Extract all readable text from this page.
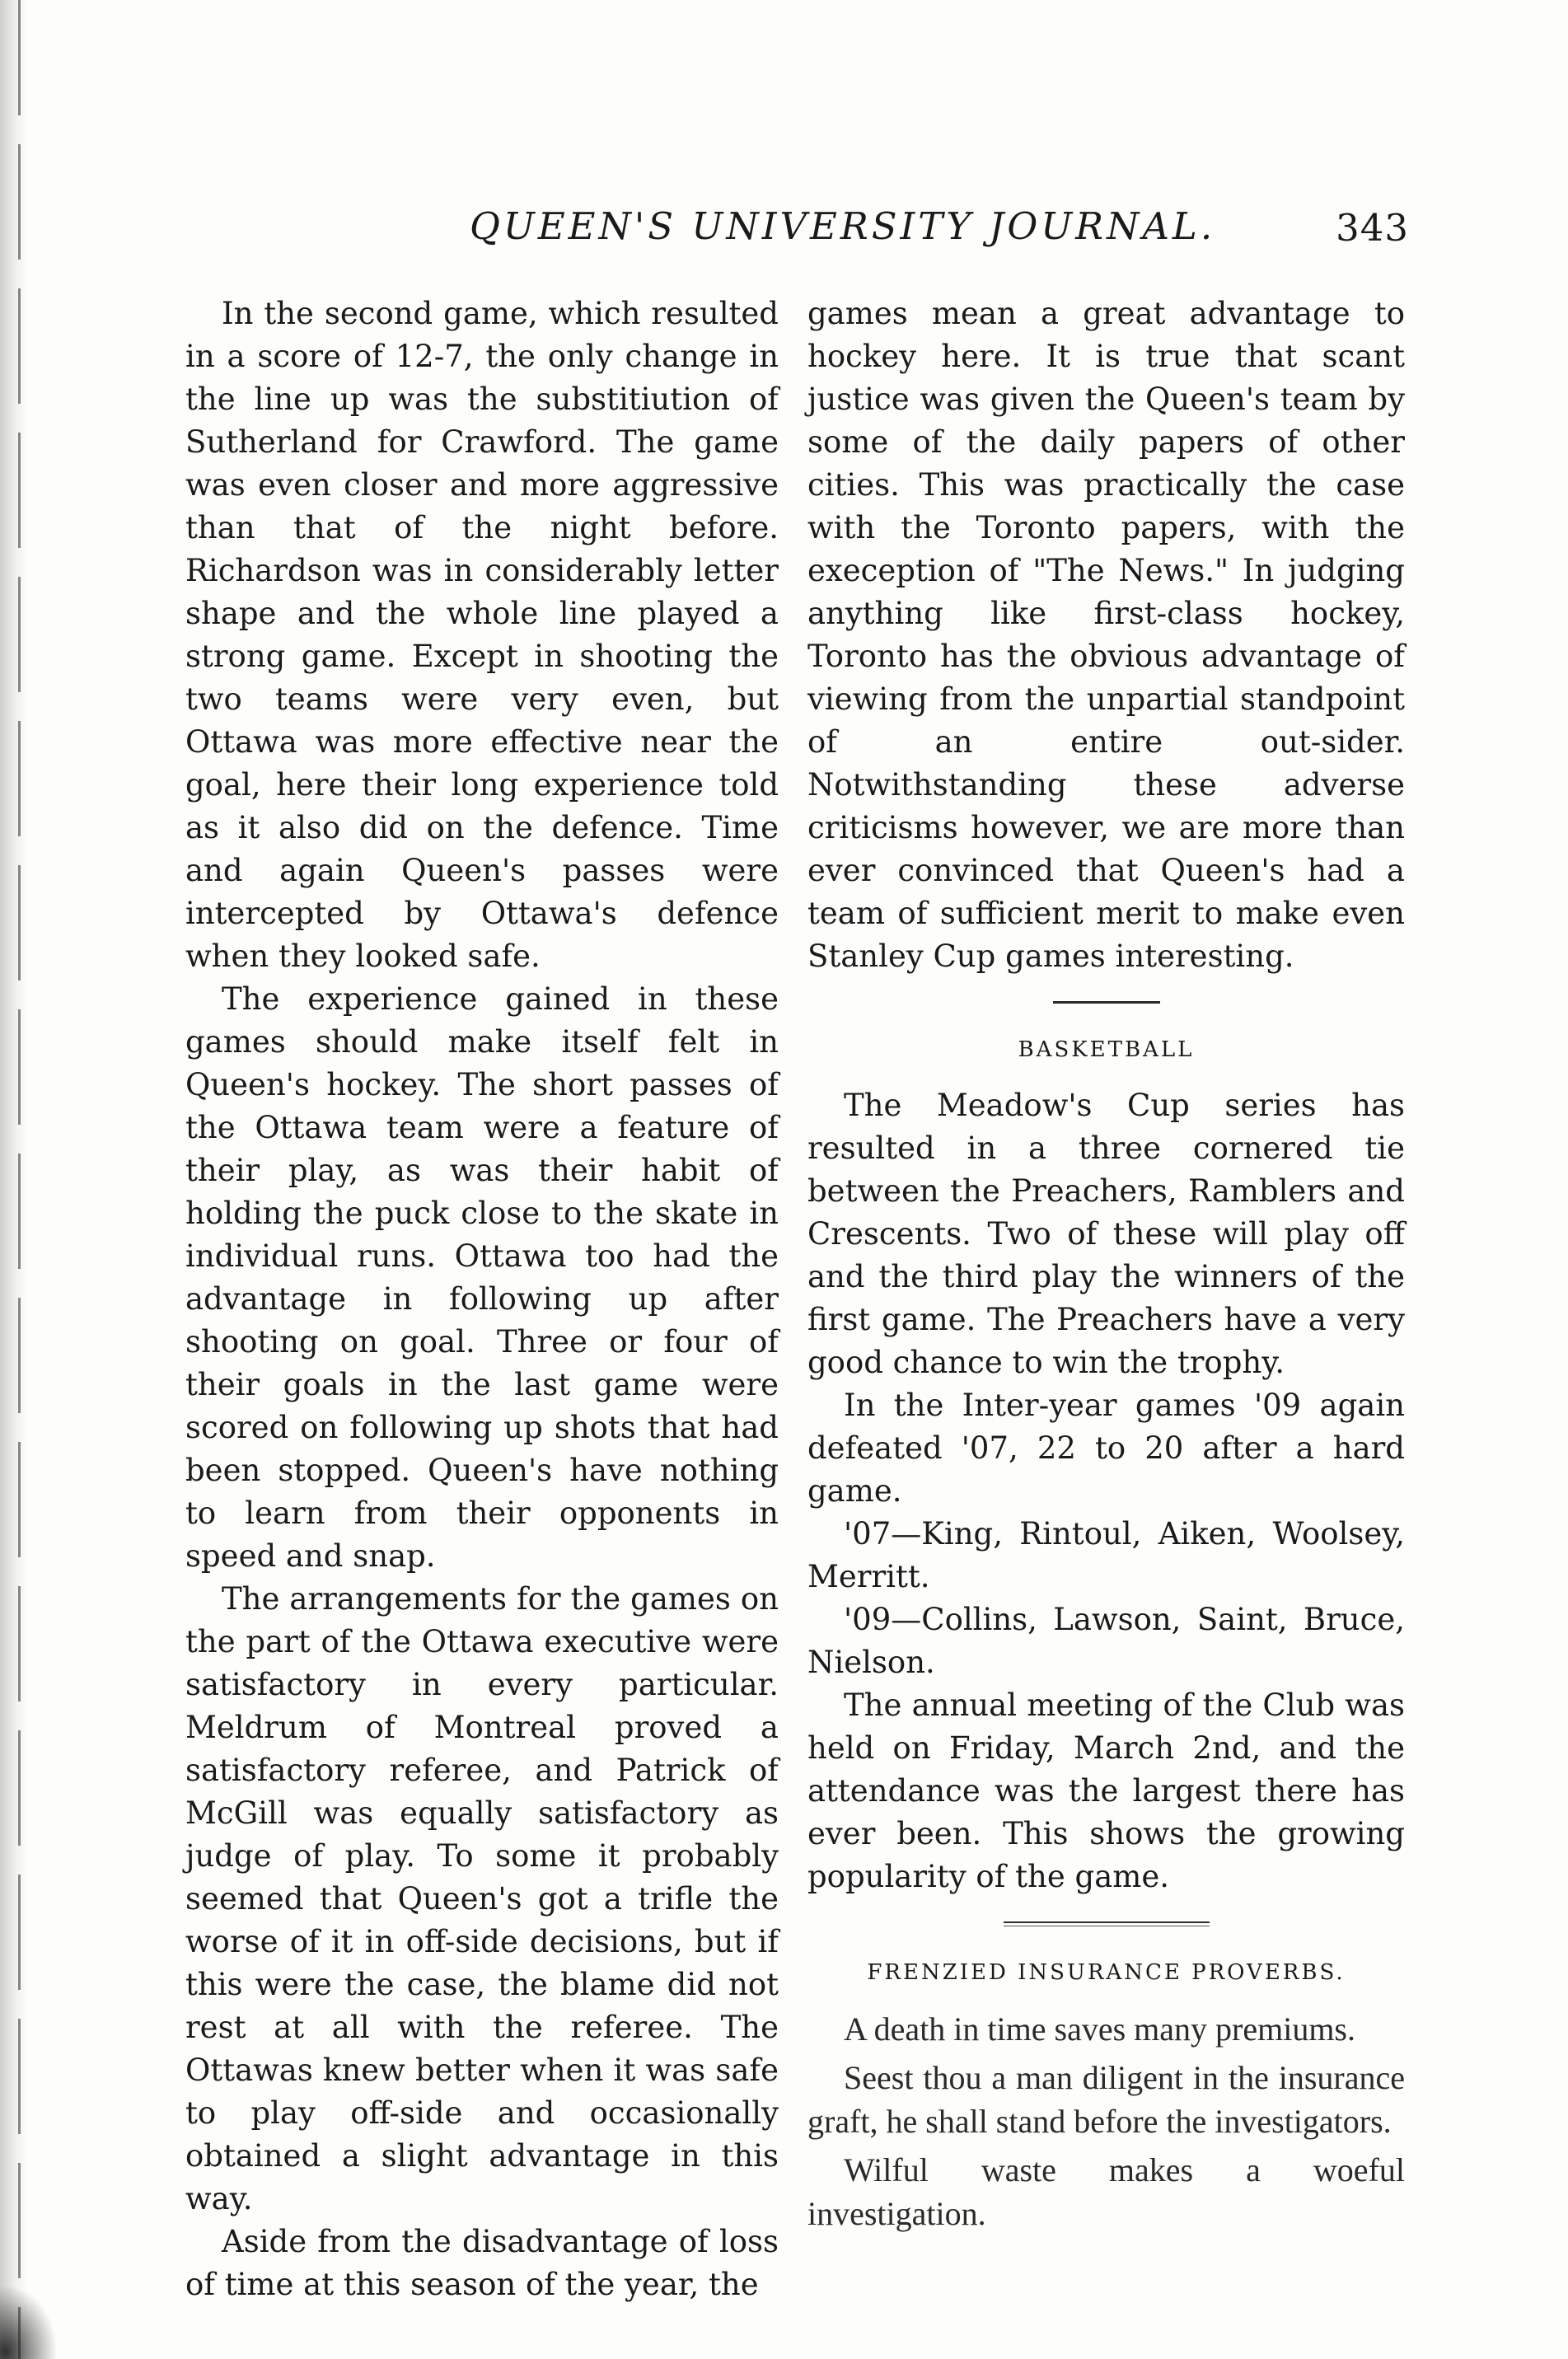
QUEEN'S UNIVERSITY JOURNAL.	343

In the second game, which resulted in a score of 12-7, the only change in the line up was the substitiution of Sutherland for Crawford. The game was even closer and more aggressive than that of the night before. Richardson was in considerably letter shape and the whole line played a strong game. Except in shooting the two teams were very even, but Ottawa was more effective near the goal, here their long experience told as it also did on the defence. Time and again Queen's passes were intercepted by Ottawa's defence when they looked safe.

The experience gained in these games should make itself felt in Queen's hockey. The short passes of the Ottawa team were a feature of their play, as was their habit of holding the puck close to the skate in individual runs. Ottawa too had the advantage in following up after shooting on goal. Three or four of their goals in the last game were scored on following up shots that had been stopped. Queen's have nothing to learn from their opponents in speed and snap.

The arrangements for the games on the part of the Ottawa executive were satisfactory in every particular. Meldrum of Montreal proved a satisfactory referee, and Patrick of McGill was equally satisfactory as judge of play. To some it probably seemed that Queen's got a trifle the worse of it in off-side decisions, but if this were the case, the blame did not rest at all with the referee. The Ottawas knew better when it was safe to play off-side and occasionally obtained a slight advantage in this way.

Aside from the disadvantage of loss of time at this season of the year, the

games mean a great advantage to hockey here. It is true that scant justice was given the Queen's team by some of the daily papers of other cities. This was practically the case with the Toronto papers, with the exeception of "The News." In judging anything like first-class hockey, Toronto has the obvious advantage of viewing from the unpartial standpoint of an entire out-sider. Notwithstanding these adverse criticisms however, we are more than ever convinced that Queen's had a team of sufficient merit to make even Stanley Cup games interesting.

BASKETBALL

The Meadow's Cup series has resulted in a three cornered tie between the Preachers, Ramblers and Crescents. Two of these will play off and the third play the winners of the first game. The Preachers have a very good chance to win the trophy.

In the Inter-year games '09 again defeated '07, 22 to 20 after a hard game.

'07—King, Rintoul, Aiken, Woolsey, Merritt.

'09—Collins, Lawson, Saint, Bruce, Nielson.

The annual meeting of the Club was held on Friday, March 2nd, and the attendance was the largest there has ever been. This shows the growing popularity of the game.

FRENZIED INSURANCE PROVERBS.

A death in time saves many premiums.

Seest thou a man diligent in the insurance graft, he shall stand before the investigators.

Wilful waste makes a woeful investigation.
